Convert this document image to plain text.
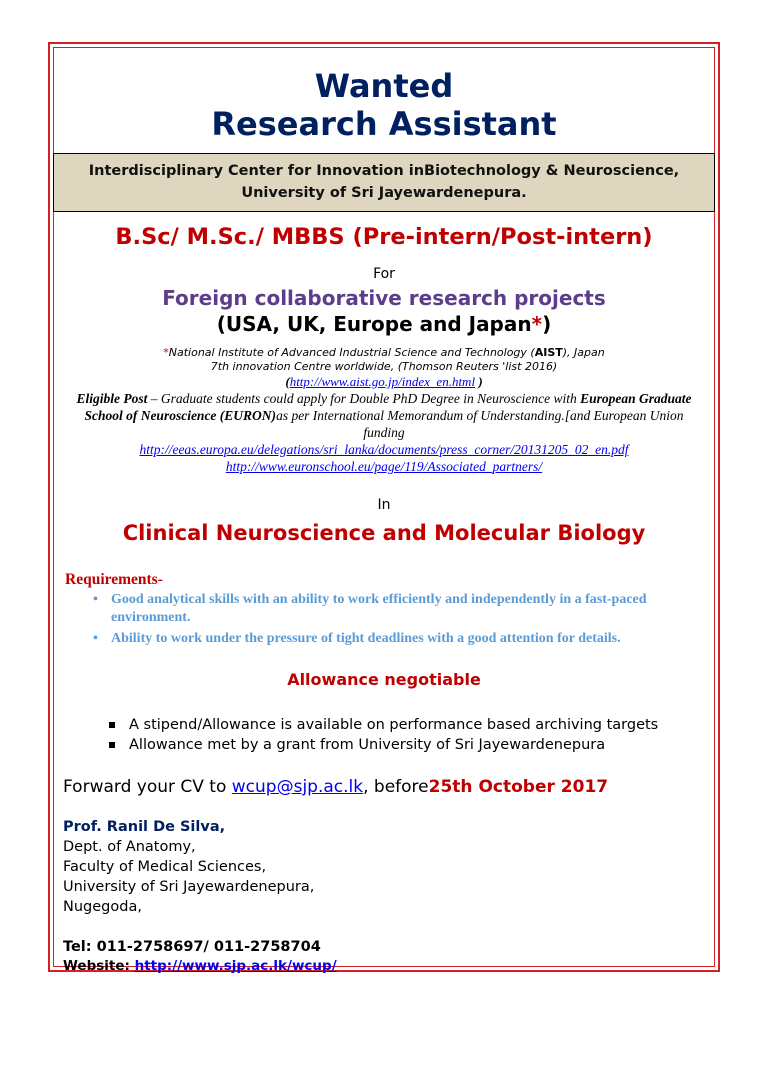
Wanted
Research Assistant
Interdisciplinary Center for Innovation inBiotechnology & Neuroscience,
University of Sri Jayewardenepura.
B.Sc/ M.Sc./ MBBS (Pre-intern/Post-intern)
For
Foreign collaborative research projects
(USA, UK, Europe and Japan*)
*National Institute of Advanced Industrial Science and Technology (AIST), Japan
7th innovation Centre worldwide, (Thomson Reuters 'list 2016)
(http://www.aist.go.jp/index_en.html )
Eligible Post – Graduate students could apply for Double PhD Degree in Neuroscience with European Graduate School of Neuroscience (EURON)as per International Memorandum of Understanding.[and European Union funding
http://eeas.europa.eu/delegations/sri_lanka/documents/press_corner/20131205_02_en.pdf
http://www.euronschool.eu/page/119/Associated_partners/
In
Clinical Neuroscience and Molecular Biology
Requirements-
• Good analytical skills with an ability to work efficiently and independently in a fast-paced environment.
• Ability to work under the pressure of tight deadlines with a good attention for details.
Allowance negotiable
A stipend/Allowance is available on performance based archiving targets
Allowance met by a grant from University of Sri Jayewardenepura
Forward your CV to wcup@sjp.ac.lk, before25th October 2017
Prof. Ranil De Silva,
Dept. of Anatomy,
Faculty of Medical Sciences,
University of Sri Jayewardenepura,
Nugegoda,
Tel: 011-2758697/ 011-2758704
Website: http://www.sjp.ac.lk/wcup/
